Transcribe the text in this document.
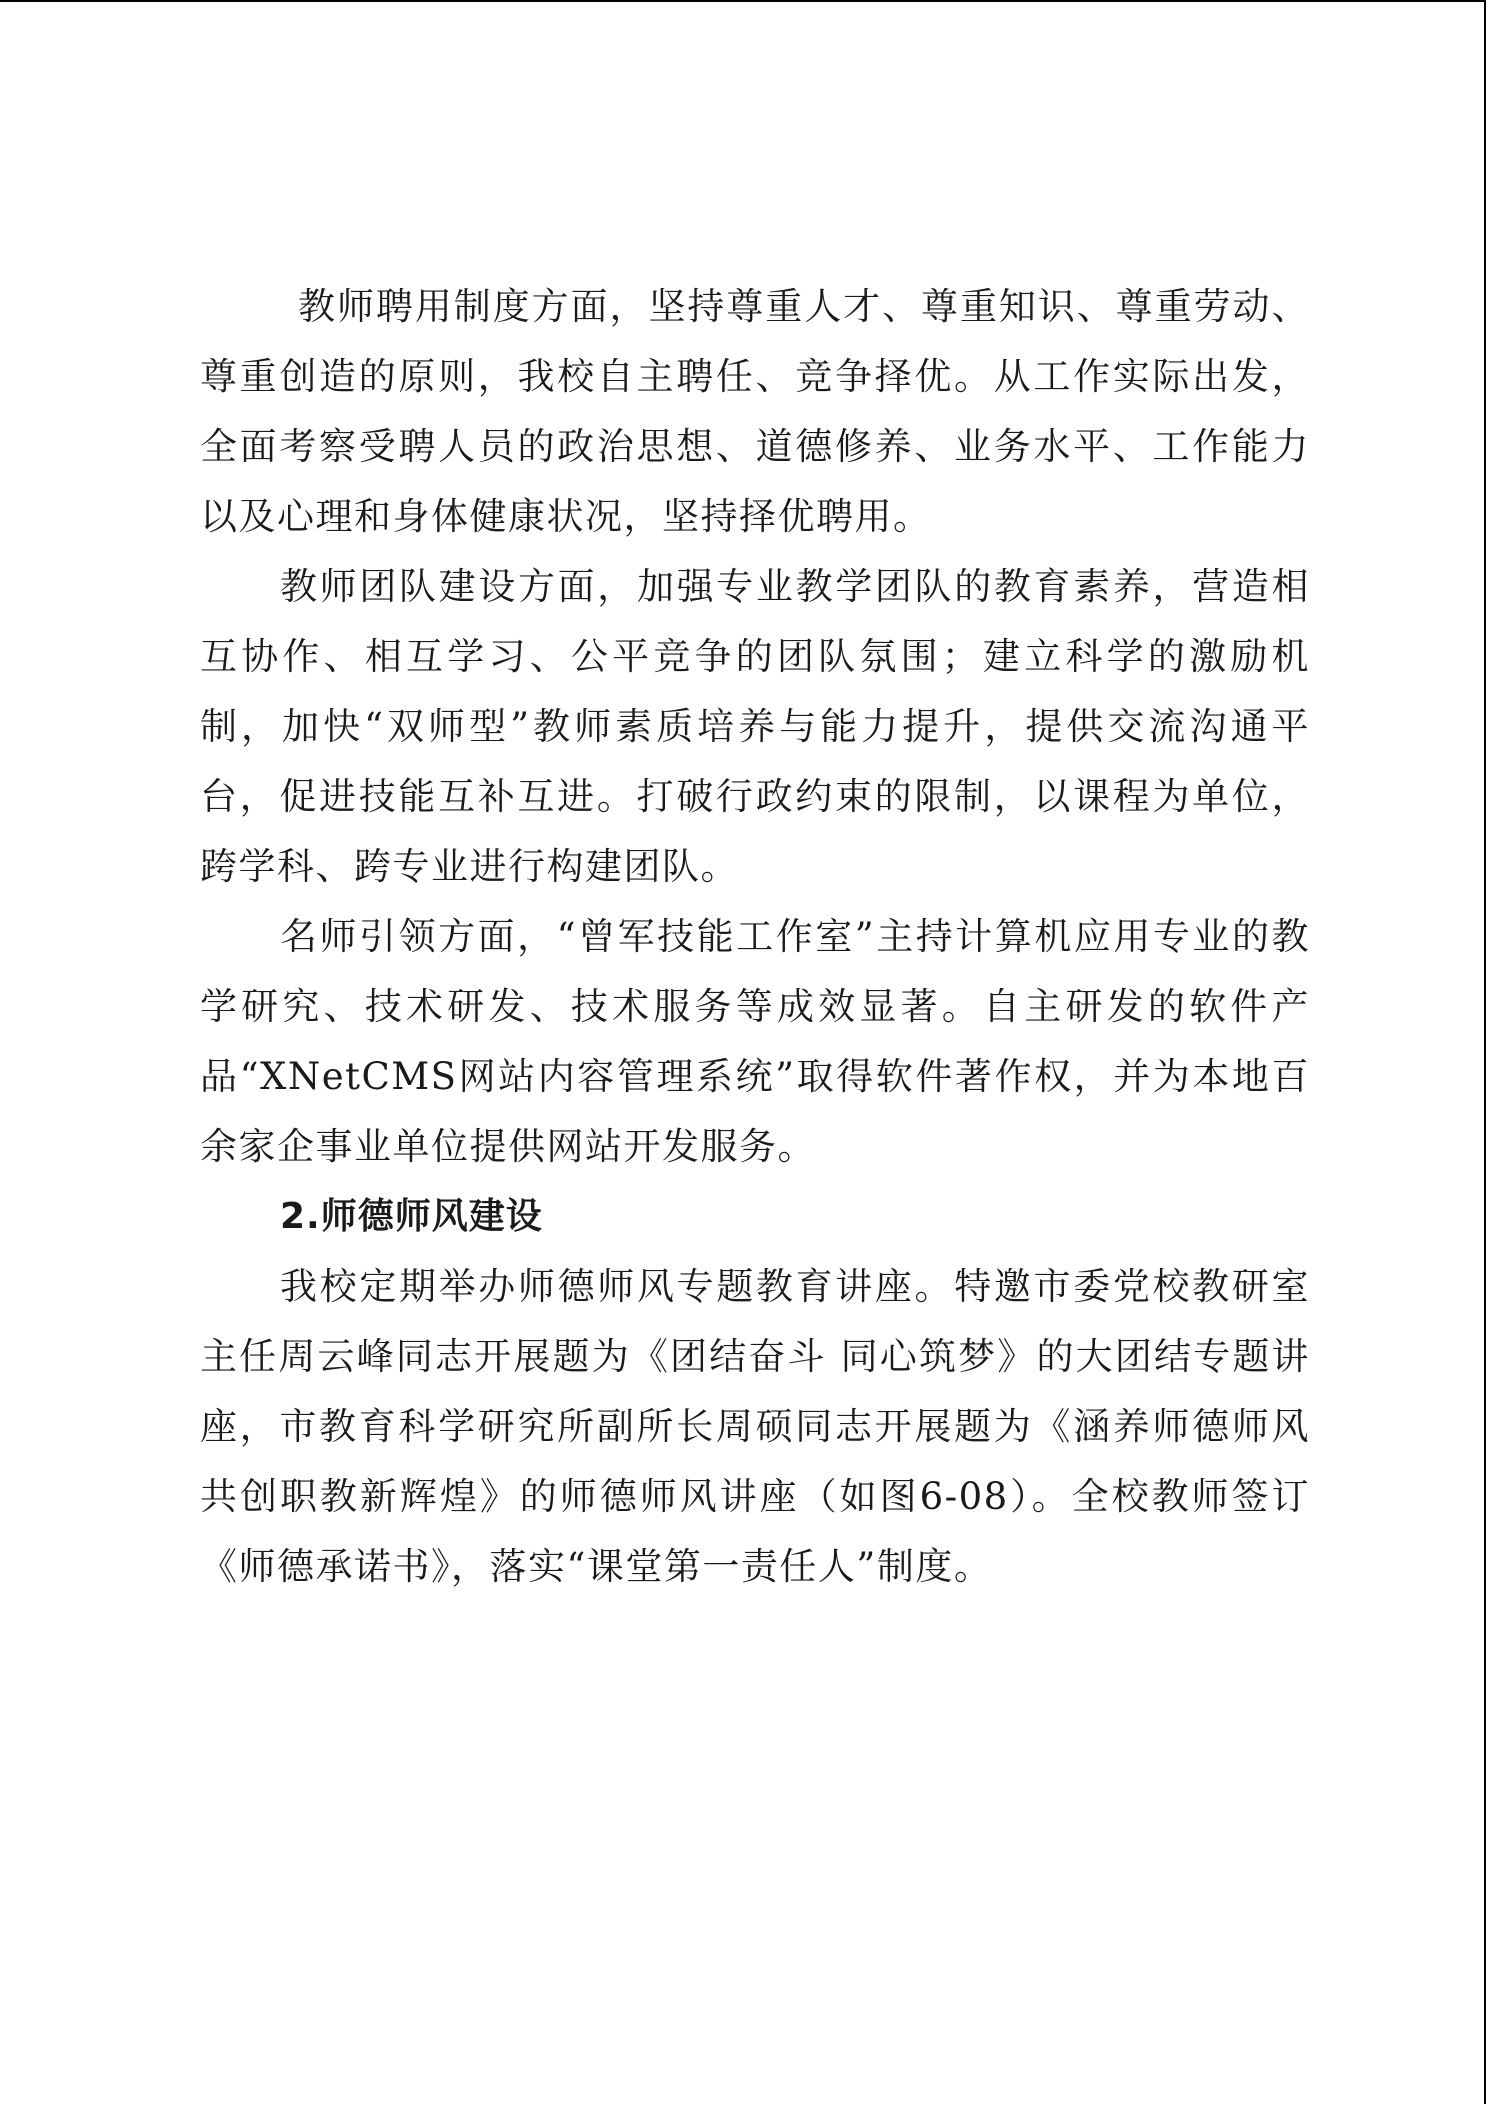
教师聘用制度方面，坚持尊重人才、尊重知识、尊重劳动、尊重创造的原则，我校自主聘任、竞争择优。从工作实际出发，全面考察受聘人员的政治思想、道德修养、业务水平、工作能力以及心理和身体健康状况，坚持择优聘用。

教师团队建设方面，加强专业教学团队的教育素养，营造相互协作、相互学习、公平竞争的团队氛围；建立科学的激励机制，加快“双师型”教师素质培养与能力提升，提供交流沟通平台，促进技能互补互进。打破行政约束的限制，以课程为单位，跨学科、跨专业进行构建团队。

名师引领方面，“曾军技能工作室”主持计算机应用专业的教学研究、技术研发、技术服务等成效显著。自主研发的软件产品“XNetCMS网站内容管理系统”取得软件著作权，并为本地百余家企事业单位提供网站开发服务。

2.师德师风建设

我校定期举办师德师风专题教育讲座。特邀市委党校教研室主任周云峰同志开展题为《团结奋斗 同心筑梦》的大团结专题讲座，市教育科学研究所副所长周硕同志开展题为《涵养师德师风 共创职教新辉煌》的师德师风讲座（如图6-08）。全校教师签订《师德承诺书》，落实“课堂第一责任人”制度。
